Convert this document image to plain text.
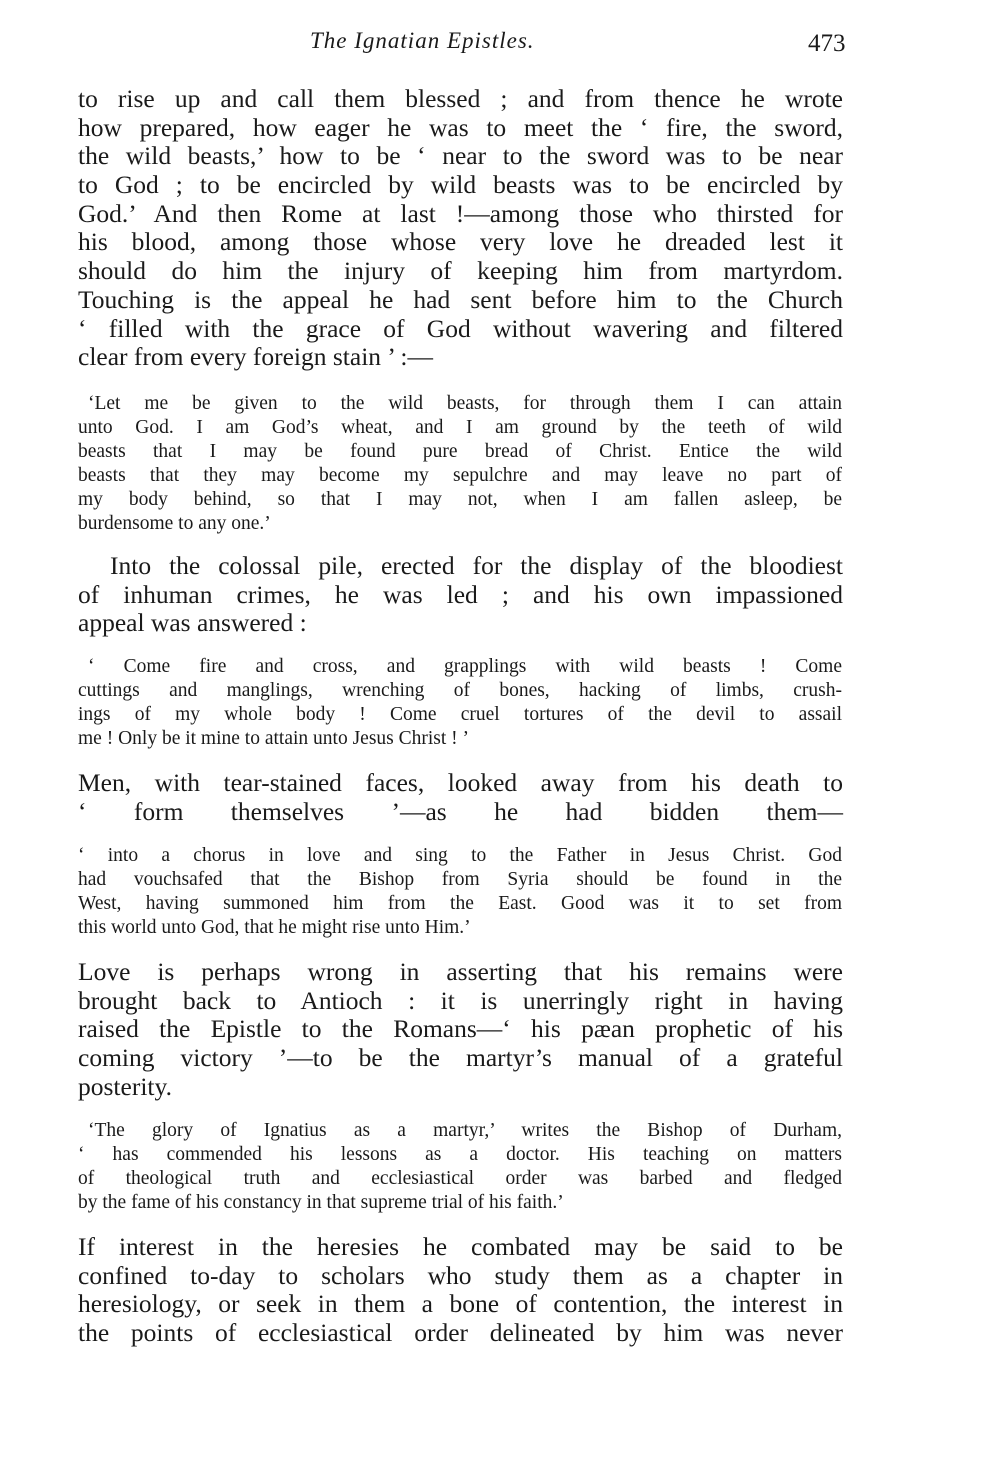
The Ignatian Epistles.	473
to rise up and call them blessed ; and from thence he wrote
how prepared, how eager he was to meet the ‘ fire, the sword,
the wild beasts,’ how to be ‘ near to the sword was to be near
to God ; to be encircled by wild beasts was to be encircled by
God.’ And then Rome at last !—among those who thirsted for
his blood, among those whose very love he dreaded lest it
should do him the injury of keeping him from martyrdom.
Touching is the appeal he had sent before him to the Church
‘ filled with the grace of God without wavering and filtered
clear from every foreign stain ’ :—
‘Let me be given to the wild beasts, for through them I can attain
unto God. I am God’s wheat, and I am ground by the teeth of wild
beasts that I may be found pure bread of Christ. Entice the wild
beasts that they may become my sepulchre and may leave no part of
my body behind, so that I may not, when I am fallen asleep, be
burdensome to any one.’
Into the colossal pile, erected for the display of the bloodiest
of inhuman crimes, he was led ; and his own impassioned
appeal was answered :
‘ Come fire and cross, and grapplings with wild beasts ! Come
cuttings and manglings, wrenching of bones, hacking of limbs, crush-
ings of my whole body ! Come cruel tortures of the devil to assail
me ! Only be it mine to attain unto Jesus Christ ! ’
Men, with tear-stained faces, looked away from his death to
‘ form themselves ’—as he had bidden them—
‘ into a chorus in love and sing to the Father in Jesus Christ. God
had vouchsafed that the Bishop from Syria should be found in the
West, having summoned him from the East. Good was it to set from
this world unto God, that he might rise unto Him.’
Love is perhaps wrong in asserting that his remains were
brought back to Antioch : it is unerringly right in having
raised the Epistle to the Romans—‘ his pæan prophetic of his
coming victory ’—to be the martyr’s manual of a grateful
posterity.
‘The glory of Ignatius as a martyr,’ writes the Bishop of Durham,
‘ has commended his lessons as a doctor. His teaching on matters
of theological truth and ecclesiastical order was barbed and fledged
by the fame of his constancy in that supreme trial of his faith.’
If interest in the heresies he combated may be said to be
confined to-day to scholars who study them as a chapter in
heresiology, or seek in them a bone of contention, the interest in
the points of ecclesiastical order delineated by him was never
